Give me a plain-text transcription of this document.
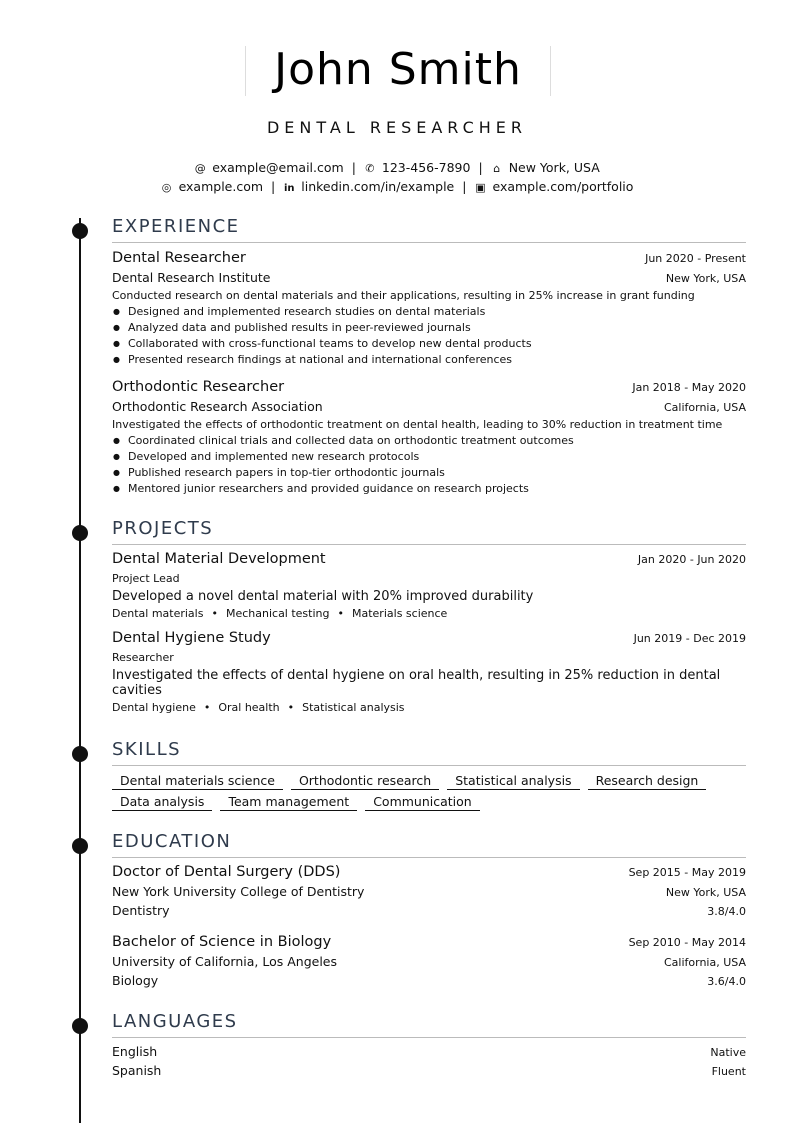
John Smith
DENTAL RESEARCHER
@ example@email.com | ✆ 123-456-7890 | ⌂ New York, USA
◎ example.com | in linkedin.com/in/example | ▣ example.com/portfolio
EXPERIENCE
Dental Researcher	Jun 2020 - Present
Dental Research Institute	New York, USA
Conducted research on dental materials and their applications, resulting in 25% increase in grant funding
● Designed and implemented research studies on dental materials
● Analyzed data and published results in peer-reviewed journals
● Collaborated with cross-functional teams to develop new dental products
● Presented research findings at national and international conferences
Orthodontic Researcher	Jan 2018 - May 2020
Orthodontic Research Association	California, USA
Investigated the effects of orthodontic treatment on dental health, leading to 30% reduction in treatment time
● Coordinated clinical trials and collected data on orthodontic treatment outcomes
● Developed and implemented new research protocols
● Published research papers in top-tier orthodontic journals
● Mentored junior researchers and provided guidance on research projects
PROJECTS
Dental Material Development	Jan 2020 - Jun 2020
Project Lead
Developed a novel dental material with 20% improved durability
Dental materials • Mechanical testing • Materials science
Dental Hygiene Study	Jun 2019 - Dec 2019
Researcher
Investigated the effects of dental hygiene on oral health, resulting in 25% reduction in dental cavities
Dental hygiene • Oral health • Statistical analysis
SKILLS
Dental materials science	Orthodontic research	Statistical analysis	Research design
Data analysis	Team management	Communication
EDUCATION
Doctor of Dental Surgery (DDS)	Sep 2015 - May 2019
New York University College of Dentistry	New York, USA
Dentistry	3.8/4.0
Bachelor of Science in Biology	Sep 2010 - May 2014
University of California, Los Angeles	California, USA
Biology	3.6/4.0
LANGUAGES
English	Native
Spanish	Fluent
